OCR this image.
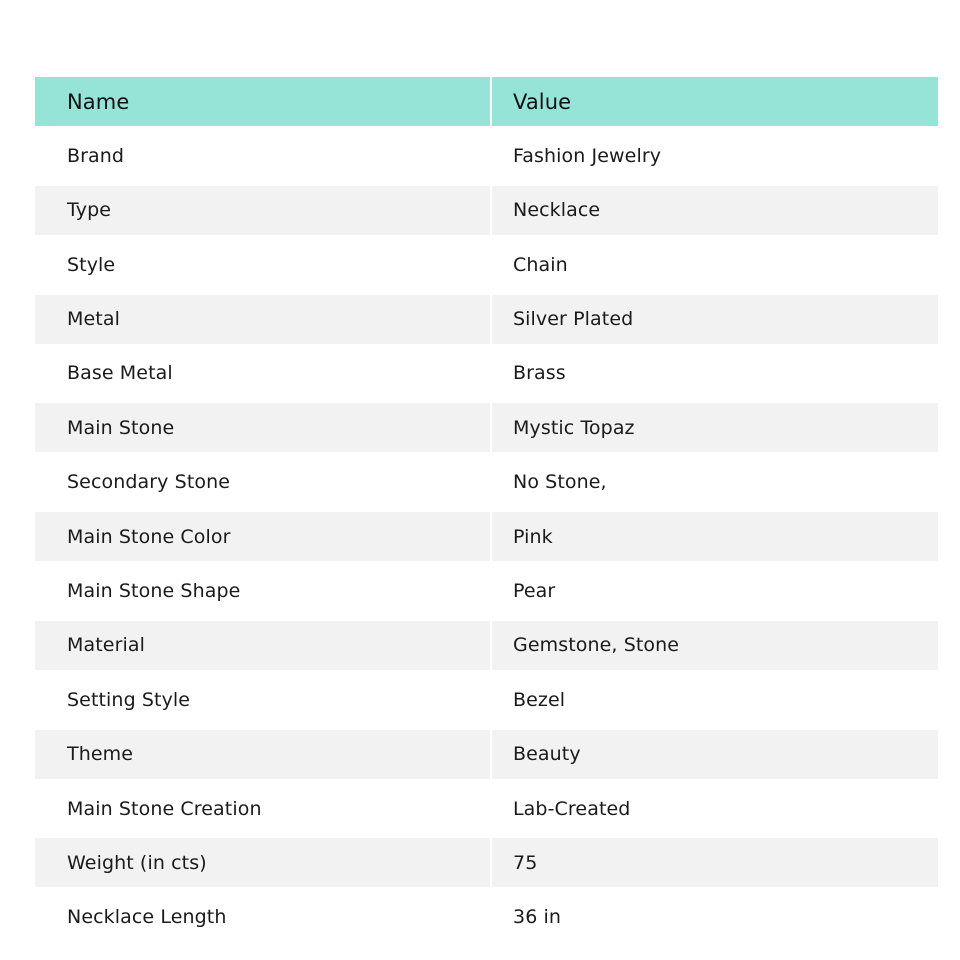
Name	Value
Brand	Fashion Jewelry
Type	Necklace
Style	Chain
Metal	Silver Plated
Base Metal	Brass
Main Stone	Mystic Topaz
Secondary Stone	No Stone,
Main Stone Color	Pink
Main Stone Shape	Pear
Material	Gemstone, Stone
Setting Style	Bezel
Theme	Beauty
Main Stone Creation	Lab-Created
Weight (in cts)	75
Necklace Length	36 in
